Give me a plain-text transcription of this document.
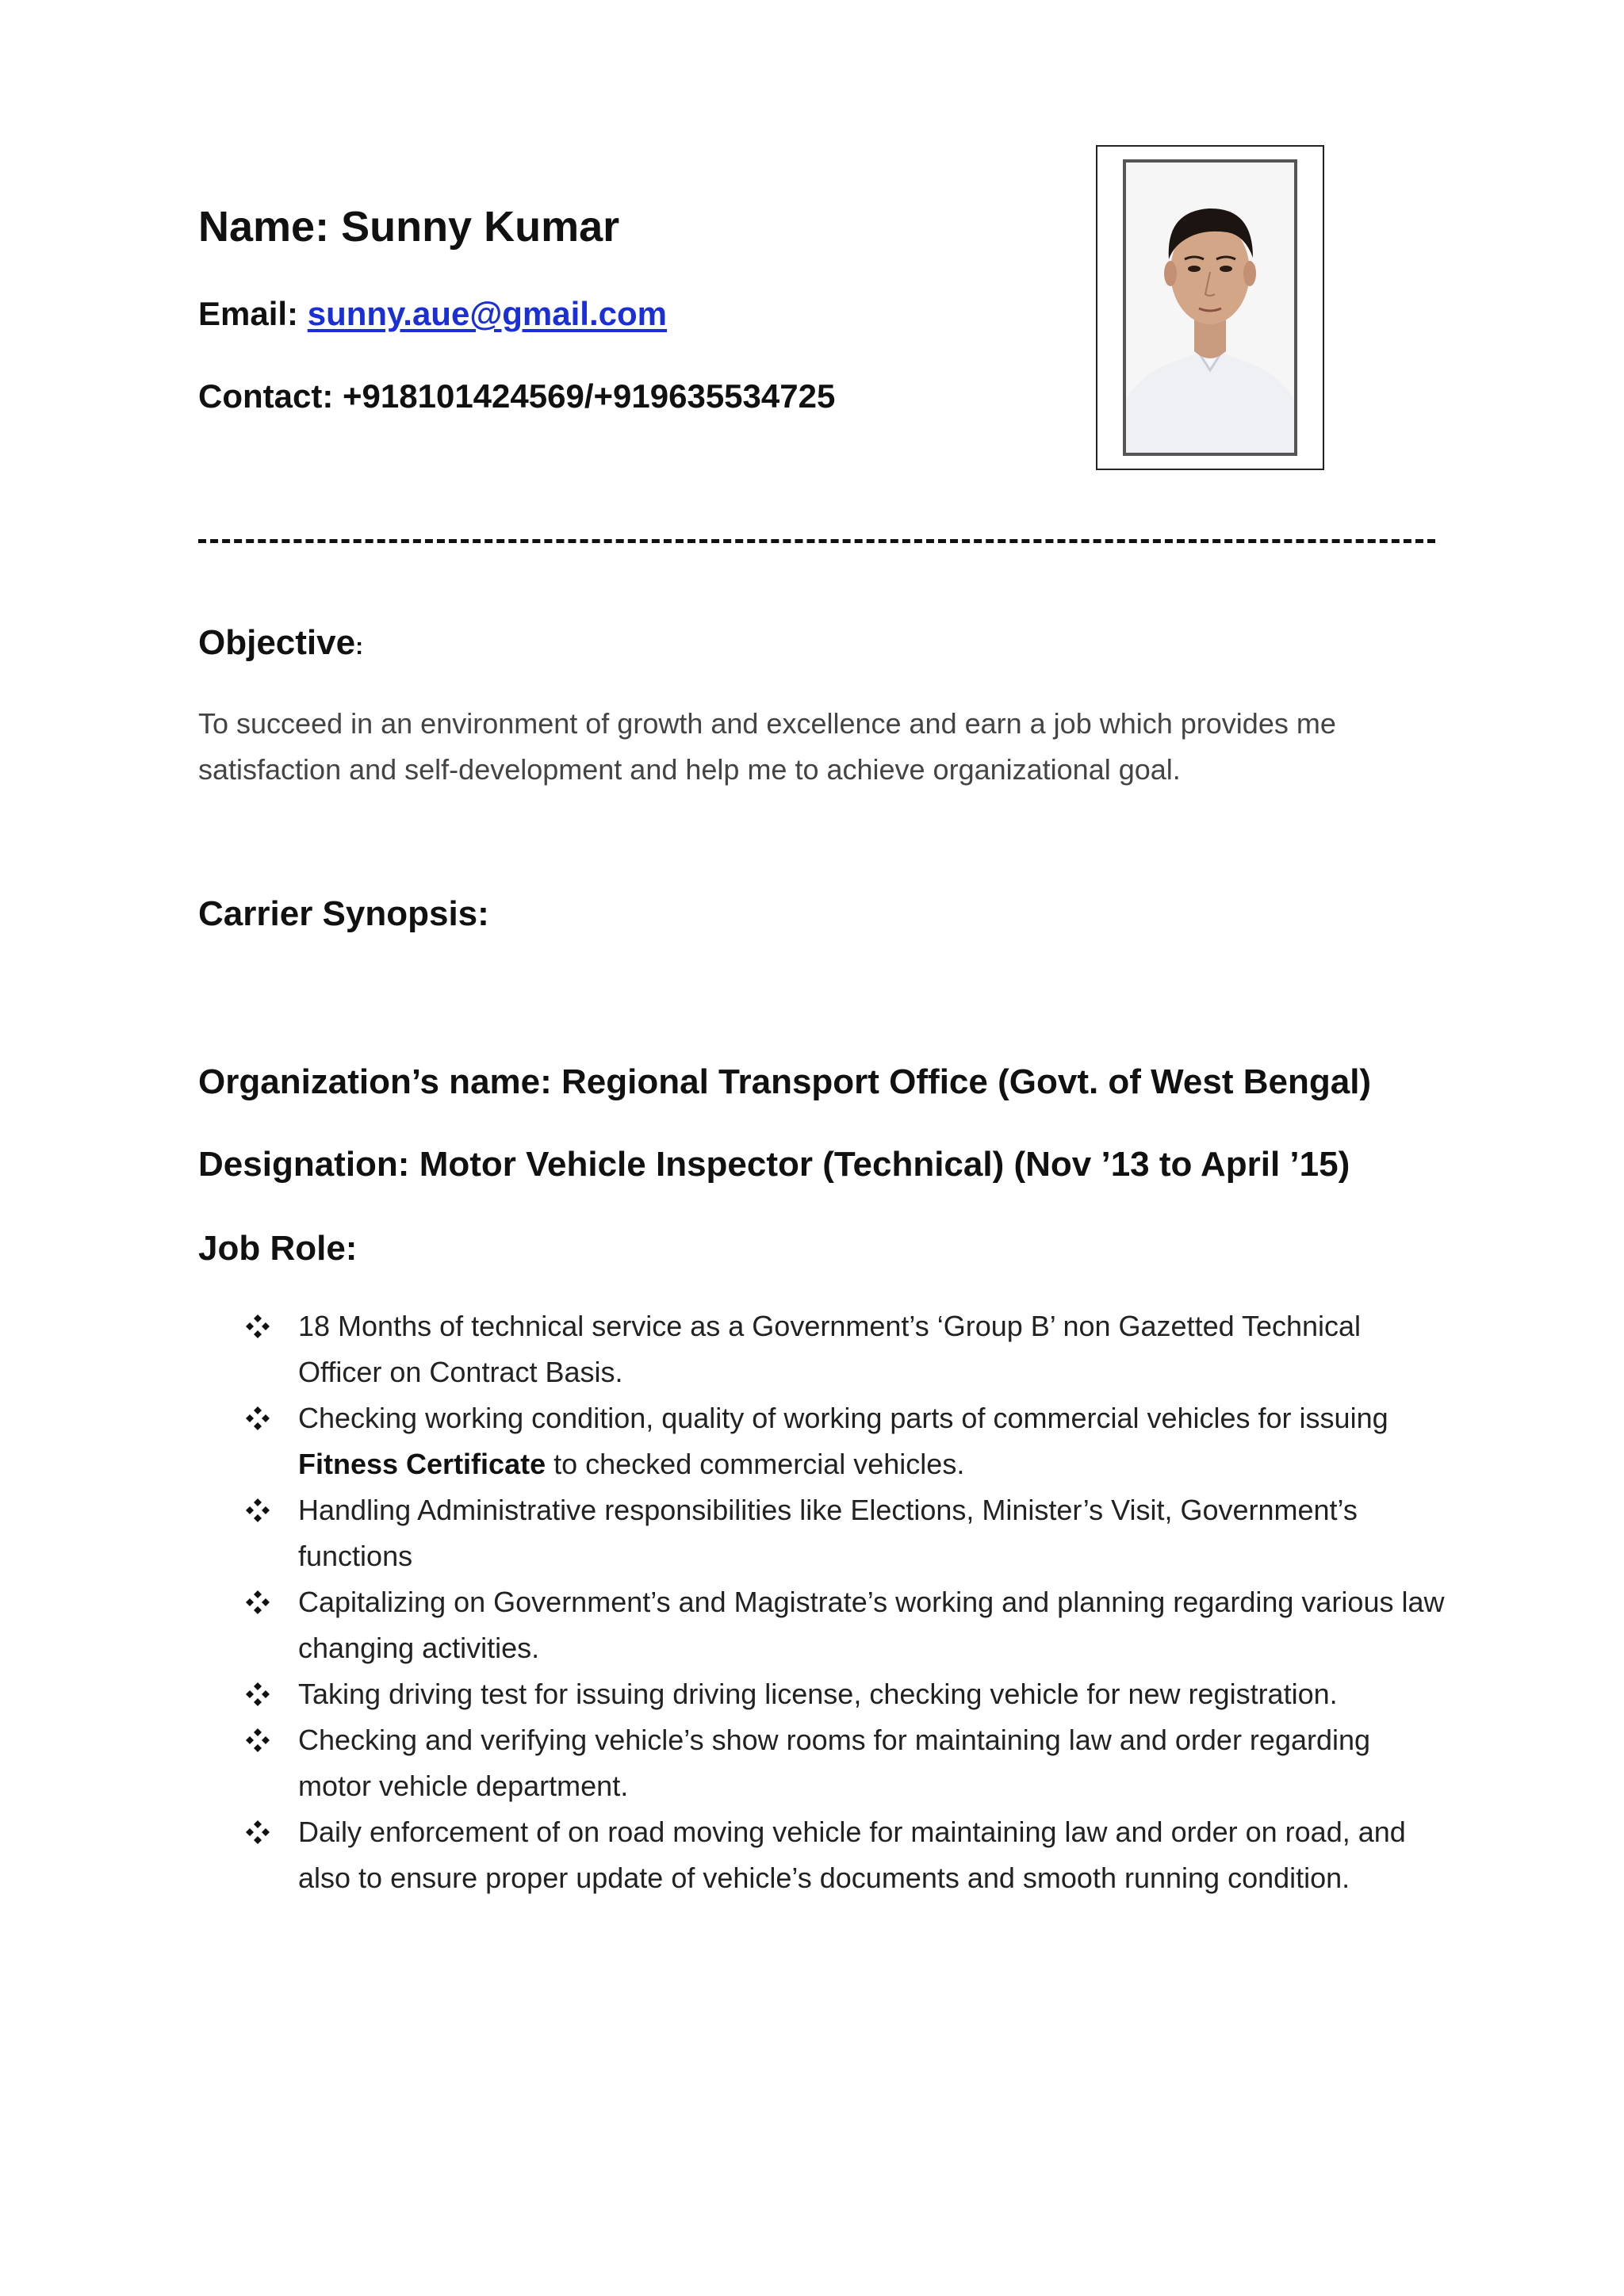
Name: Sunny Kumar
Email: sunny.aue@gmail.com
Contact: +918101424569/+919635534725
Objective:
To succeed in an environment of growth and excellence and earn a job which provides me satisfaction and self-development and help me to achieve organizational goal.
Carrier Synopsis:
Organization’s name: Regional Transport Office (Govt. of West Bengal)
Designation: Motor Vehicle Inspector (Technical) (Nov ’13 to April ’15)
Job Role:
18 Months of technical service as a Government’s ‘Group B’ non Gazetted Technical Officer on Contract Basis.
Checking working condition, quality of working parts of commercial vehicles for issuing Fitness Certificate to checked commercial vehicles.
Handling Administrative responsibilities like Elections, Minister’s Visit, Government’s functions
Capitalizing on Government’s and Magistrate’s working and planning regarding various law changing activities.
Taking driving test for issuing driving license, checking vehicle for new registration.
Checking and verifying vehicle’s show rooms for maintaining law and order regarding motor vehicle department.
Daily enforcement of on road moving vehicle for maintaining law and order on road, and also to ensure proper update of vehicle’s documents and smooth running condition.
